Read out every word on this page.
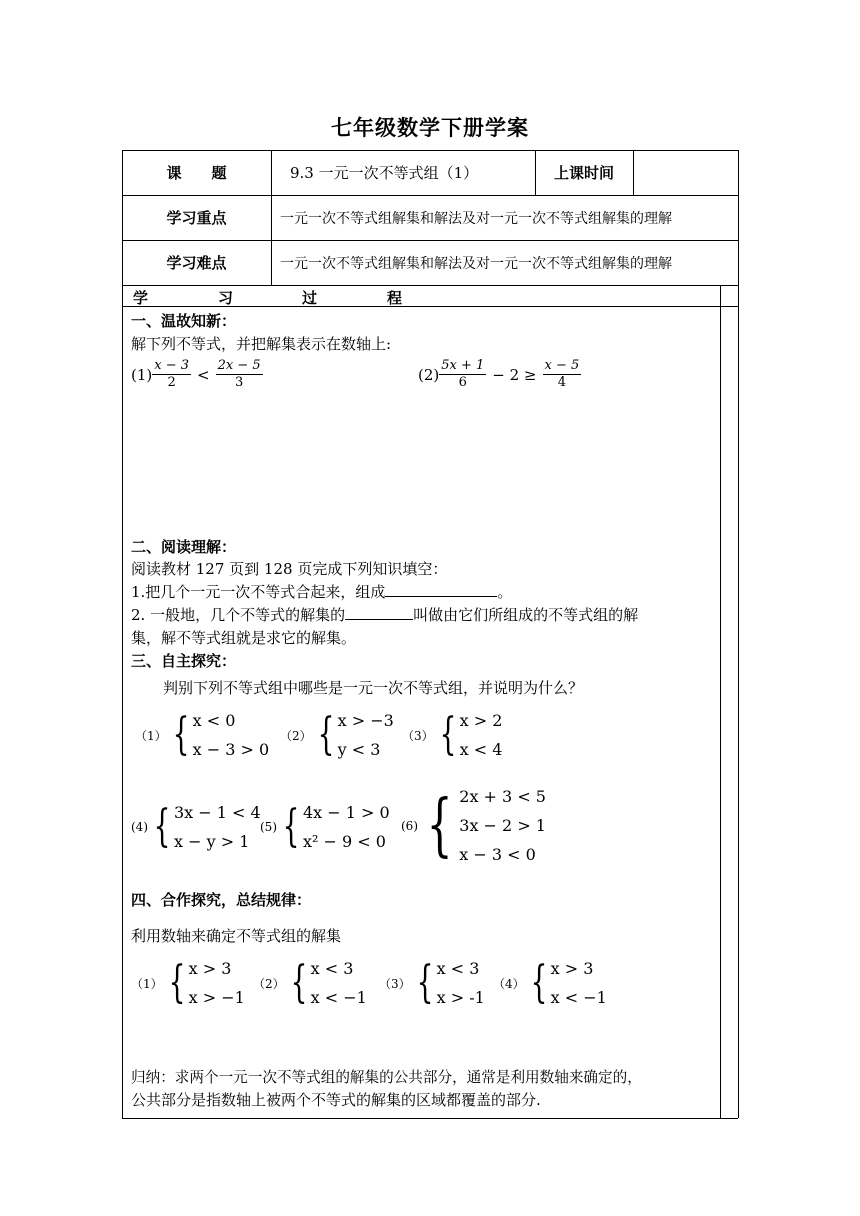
七年级数学下册学案
课　　题	9.3 一元一次不等式组（1）	上课时间
学习重点	一元一次不等式组解集和解法及对一元一次不等式组解集的理解
学习难点	一元一次不等式组解集和解法及对一元一次不等式组解集的理解
学	习	过	程
一、温故知新：
解下列不等式，并把解集表示在数轴上:
$(1) \frac{x - 3}{2} < \frac{2x - 5}{3}$	$(2) \frac{5x + 1}{6} - 2 \ge \frac{x - 5}{4}$
二、阅读理解：
阅读教材 127 页到 128 页完成下列知识填空：
1.把几个一元一次不等式合起来，组成	。
2. 一般地，几个不等式的解集的	叫做由它们所组成的不等式组的解
集，解不等式组就是求它的解集。
三、自主探究：
判别下列不等式组中哪些是一元一次不等式组，并说明为什么？
（1） { x < 0
x − 3 > 0
（2） { x > −3
y < 3
（3） { x > 2
x < 4
(4) { 3x − 1 < 4
x − y > 1
(5) { 4x − 1 > 0
x² − 9 < 0
(6) { 2x + 3 < 5
3x − 2 > 1
x − 3 < 0
四、合作探究，总结规律：
利用数轴来确定不等式组的解集
（1） { x > 3
x > −1
（2） { x < 3
x < −1
（3） { x < 3
x > -1
（4） { x > 3
x < −1
归纳：求两个一元一次不等式组的解集的公共部分，通常是利用数轴来确定的，
公共部分是指数轴上被两个不等式的解集的区域都覆盖的部分.
